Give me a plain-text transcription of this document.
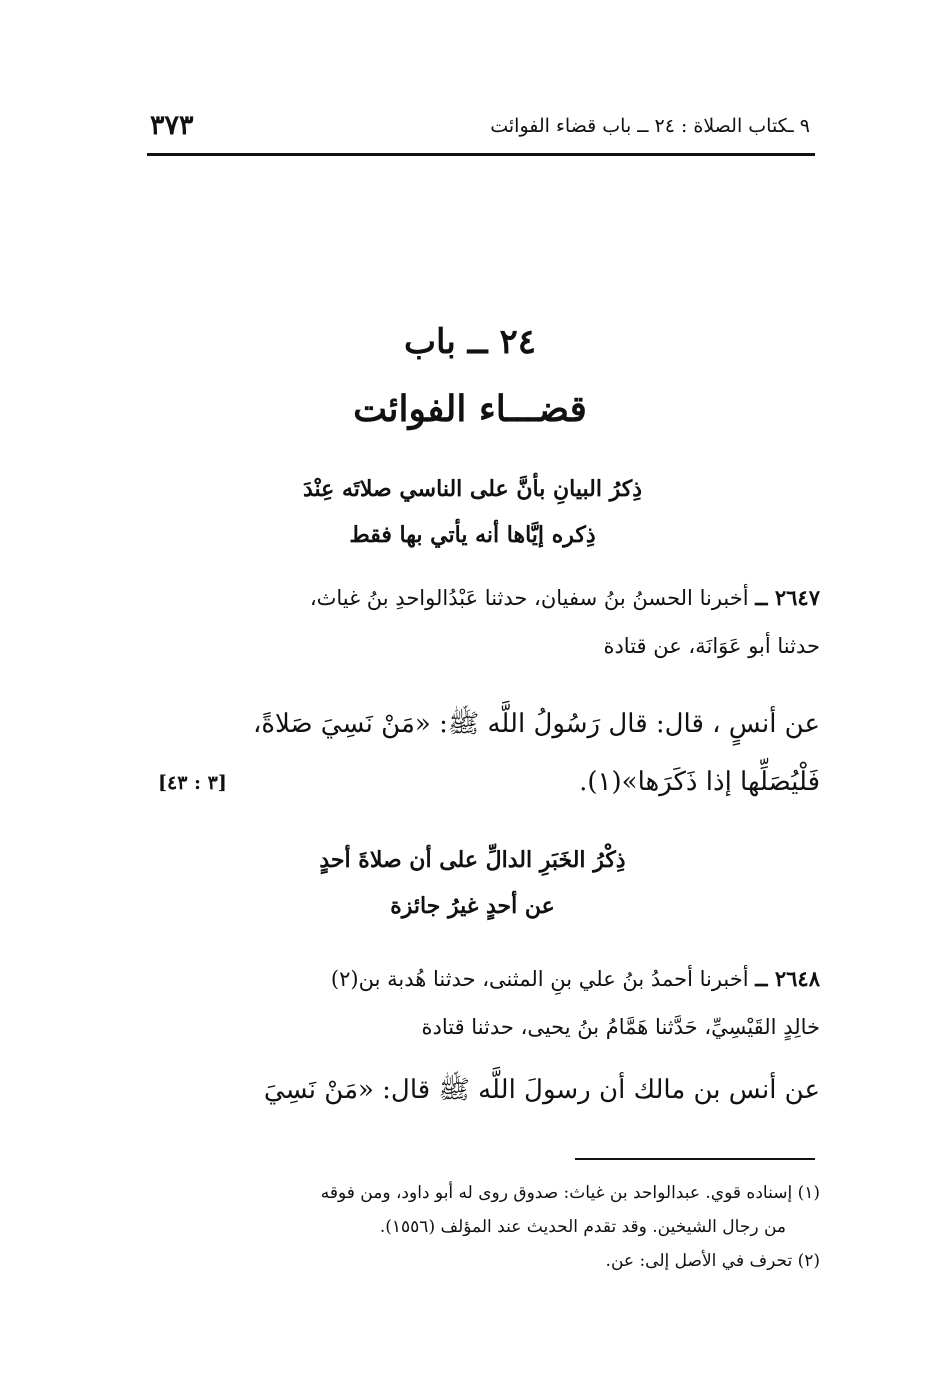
٩ ـكتاب الصلاة : ٢٤ ــ باب قضاء الفوائت
٣٧٣
٢٤ ــ باب
قضـــاء الفوائت
ذِكرُ البيانِ بأنَّ على الناسي صلاتَه عِنْدَ
ذِكره إيَّاها أنه يأتي بها فقط
٢٦٤٧ ــ أخبرنا الحسنُ بنُ سفيان، حدثنا عَبْدُالواحدِ بنُ غياث،
حدثنا أبو عَوَانَة، عن قتادة
عن أنسٍ ، قال: قال رَسُولُ اللَّه ﷺ: «مَنْ نَسِيَ صَلاةً،
فَلْيُصَلِّها إذا ذَكَرَها»(١).
[٣ : ٤٣]
ذِكْرُ الخَبَرِ الدالِّ على أن صلاةَ أحدٍ
عن أحدٍ غيرُ جائزة
٢٦٤٨ ــ أخبرنا أحمدُ بنُ علي بنِ المثنى، حدثنا هُدبة بن(٢)
خالِدٍ القَيْسِيِّ، حَدَّثنا هَمَّامُ بنُ يحيى، حدثنا قتادة
عن أنس بن مالك أن رسولَ اللَّه ﷺ قال: «مَنْ نَسِيَ
(١) إسناده قوي. عبدالواحد بن غياث: صدوق روى له أبو داود، ومن فوقه
من رجال الشيخين. وقد تقدم الحديث عند المؤلف (١٥٥٦).
(٢) تحرف في الأصل إلى: عن.
